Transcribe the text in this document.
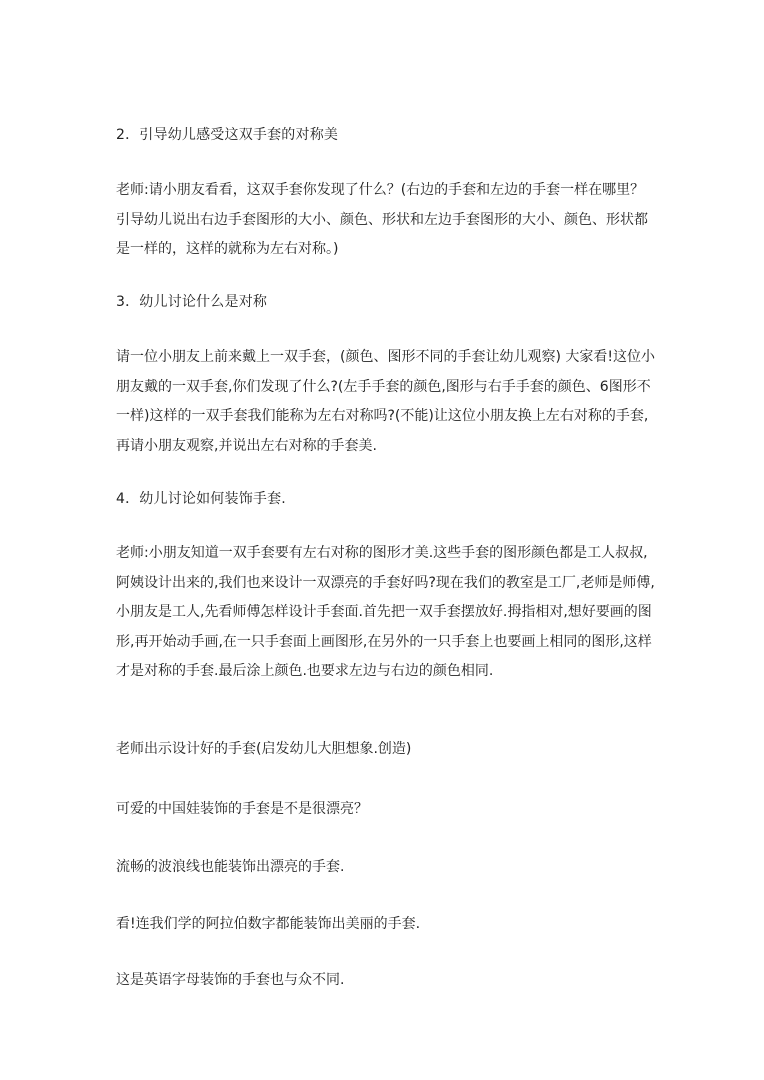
2．引导幼儿感受这双手套的对称美

老师:请小朋友看看，这双手套你发现了什么？(右边的手套和左边的手套一样在哪里？引导幼儿说出右边手套图形的大小、颜色、形状和左边手套图形的大小、颜色、形状都是一样的，这样的就称为左右对称。)

3．幼儿讨论什么是对称

请一位小朋友上前来戴上一双手套，(颜色、图形不同的手套让幼儿观察) 大家看!这位小朋友戴的一双手套,你们发现了什么?(左手手套的颜色,图形与右手手套的颜色、6图形不一样)这样的一双手套我们能称为左右对称吗?(不能)让这位小朋友换上左右对称的手套,再请小朋友观察,并说出左右对称的手套美.

4．幼儿讨论如何装饰手套.

老师:小朋友知道一双手套要有左右对称的图形才美.这些手套的图形颜色都是工人叔叔,阿姨设计出来的,我们也来设计一双漂亮的手套好吗?现在我们的教室是工厂,老师是师傅,小朋友是工人,先看师傅怎样设计手套面.首先把一双手套摆放好.拇指相对,想好要画的图形,再开始动手画,在一只手套面上画图形,在另外的一只手套上也要画上相同的图形,这样才是对称的手套.最后涂上颜色.也要求左边与右边的颜色相同.

老师出示设计好的手套(启发幼儿大胆想象.创造)

可爱的中国娃装饰的手套是不是很漂亮？

流畅的波浪线也能装饰出漂亮的手套.

看!连我们学的阿拉伯数字都能装饰出美丽的手套.

这是英语字母装饰的手套也与众不同.
